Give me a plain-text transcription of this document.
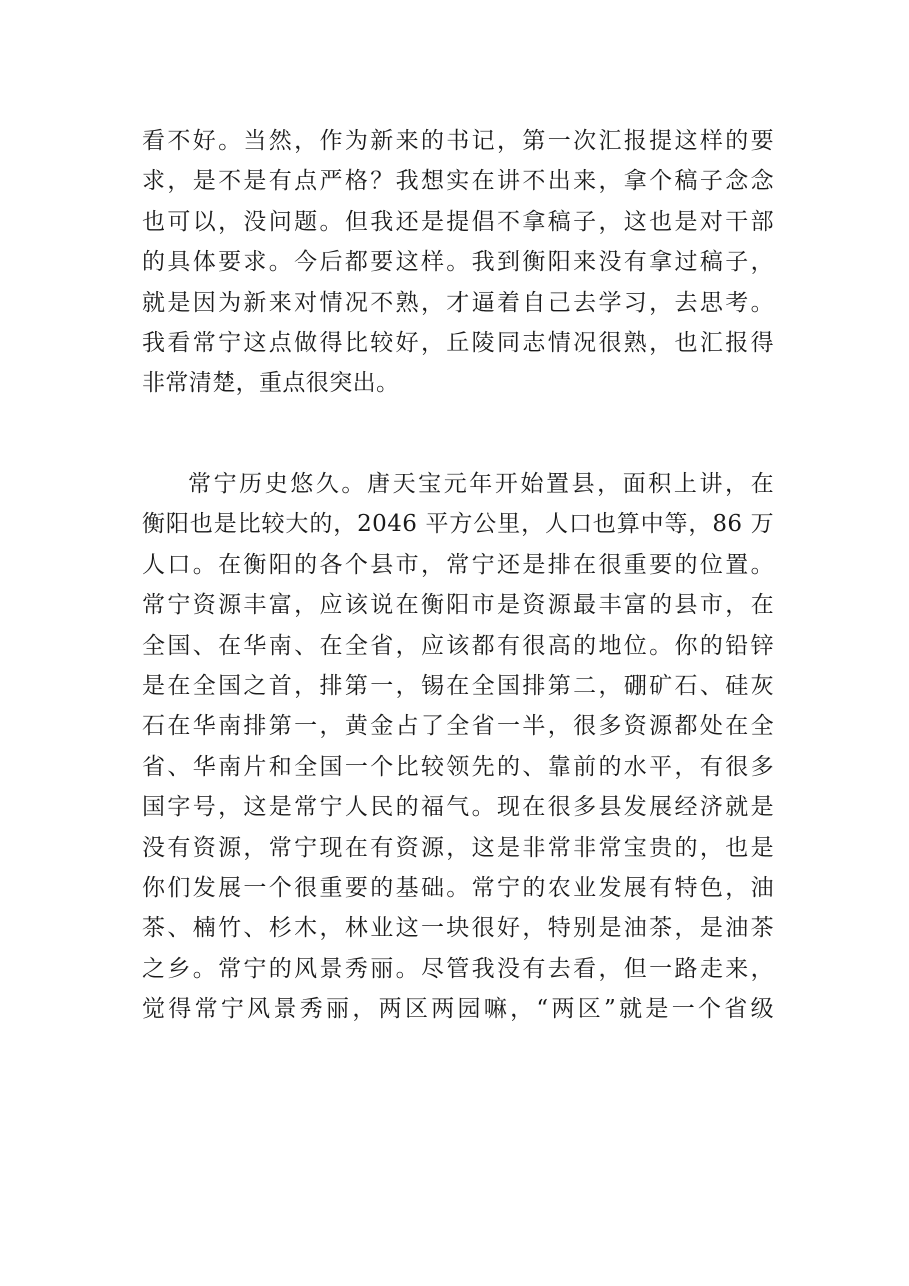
看不好。当然，作为新来的书记，第一次汇报提这样的要
求，是不是有点严格？我想实在讲不出来，拿个稿子念念
也可以，没问题。但我还是提倡不拿稿子，这也是对干部
的具体要求。今后都要这样。我到衡阳来没有拿过稿子，
就是因为新来对情况不熟，才逼着自己去学习，去思考。
我看常宁这点做得比较好，丘陵同志情况很熟，也汇报得
非常清楚，重点很突出。
常宁历史悠久。唐天宝元年开始置县，面积上讲，在
衡阳也是比较大的，2046 平方公里，人口也算中等，86 万
人口。在衡阳的各个县市，常宁还是排在很重要的位置。
常宁资源丰富，应该说在衡阳市是资源最丰富的县市，在
全国、在华南、在全省，应该都有很高的地位。你的铅锌
是在全国之首，排第一，锡在全国排第二，硼矿石、硅灰
石在华南排第一，黄金占了全省一半，很多资源都处在全
省、华南片和全国一个比较领先的、靠前的水平，有很多
国字号，这是常宁人民的福气。现在很多县发展经济就是
没有资源，常宁现在有资源，这是非常非常宝贵的，也是
你们发展一个很重要的基础。常宁的农业发展有特色，油
茶、楠竹、杉木，林业这一块很好，特别是油茶，是油茶
之乡。常宁的风景秀丽。尽管我没有去看，但一路走来，
觉得常宁风景秀丽，两区两园嘛，“两区”就是一个省级
